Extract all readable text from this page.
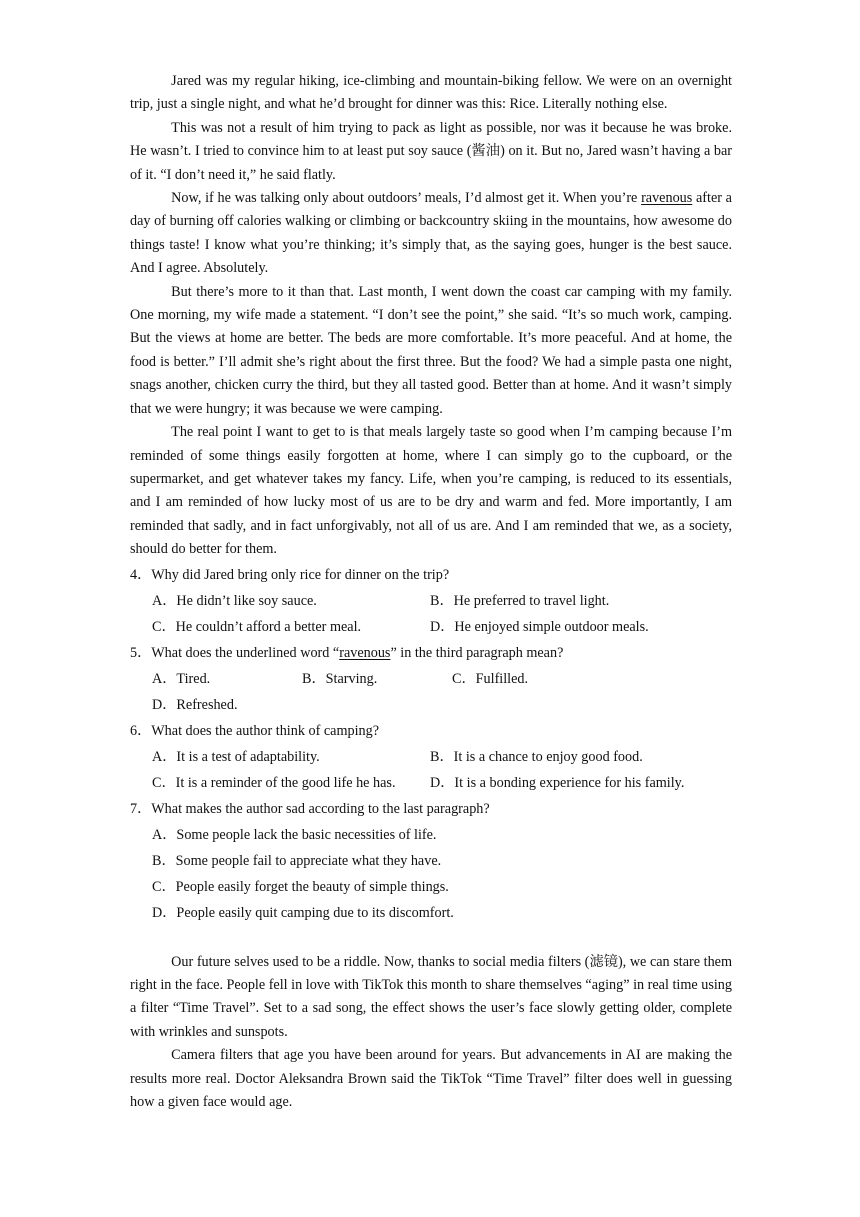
Jared was my regular hiking, ice-climbing and mountain-biking fellow. We were on an overnight trip, just a single night, and what he’d brought for dinner was this: Rice. Literally nothing else.

This was not a result of him trying to pack as light as possible, nor was it because he was broke. He wasn’t. I tried to convince him to at least put soy sauce (酱油) on it. But no, Jared wasn’t having a bar of it. “I don’t need it,” he said flatly.

Now, if he was talking only about outdoors’ meals, I’d almost get it. When you’re ravenous after a day of burning off calories walking or climbing or backcountry skiing in the mountains, how awesome do things taste! I know what you’re thinking; it’s simply that, as the saying goes, hunger is the best sauce. And I agree. Absolutely.

But there’s more to it than that. Last month, I went down the coast car camping with my family. One morning, my wife made a statement. “I don’t see the point,” she said. “It’s so much work, camping. But the views at home are better. The beds are more comfortable. It’s more peaceful. And at home, the food is better.” I’ll admit she’s right about the first three. But the food? We had a simple pasta one night, snags another, chicken curry the third, but they all tasted good. Better than at home. And it wasn’t simply that we were hungry; it was because we were camping.

The real point I want to get to is that meals largely taste so good when I’m camping because I’m reminded of some things easily forgotten at home, where I can simply go to the cupboard, or the supermarket, and get whatever takes my fancy. Life, when you’re camping, is reduced to its essentials, and I am reminded of how lucky most of us are to be dry and warm and fed. More importantly, I am reminded that sadly, and in fact unforgivably, not all of us are. And I am reminded that we, as a society, should do better for them.

4．Why did Jared bring only rice for dinner on the trip?

A．He didn’t like soy sauce.	B．He preferred to travel light.
C．He couldn’t afford a better meal.	D．He enjoyed simple outdoor meals.

5．What does the underlined word “ravenous” in the third paragraph mean?

A．Tired.	B．Starving.	C．Fulfilled.
D．Refreshed.

6．What does the author think of camping?

A．It is a test of adaptability.	B．It is a chance to enjoy good food.
C．It is a reminder of the good life he has.	D．It is a bonding experience for his family.

7．What makes the author sad according to the last paragraph?

A．Some people lack the basic necessities of life.
B．Some people fail to appreciate what they have.
C．People easily forget the beauty of simple things.
D．People easily quit camping due to its discomfort.

Our future selves used to be a riddle. Now, thanks to social media filters (滤镜), we can stare them right in the face. People fell in love with TikTok this month to share themselves “aging” in real time using a filter “Time Travel”. Set to a sad song, the effect shows the user’s face slowly getting older, complete with wrinkles and sunspots.

Camera filters that age you have been around for years. But advancements in AI are making the results more real. Doctor Aleksandra Brown said the TikTok “Time Travel” filter does well in guessing how a given face would age.
